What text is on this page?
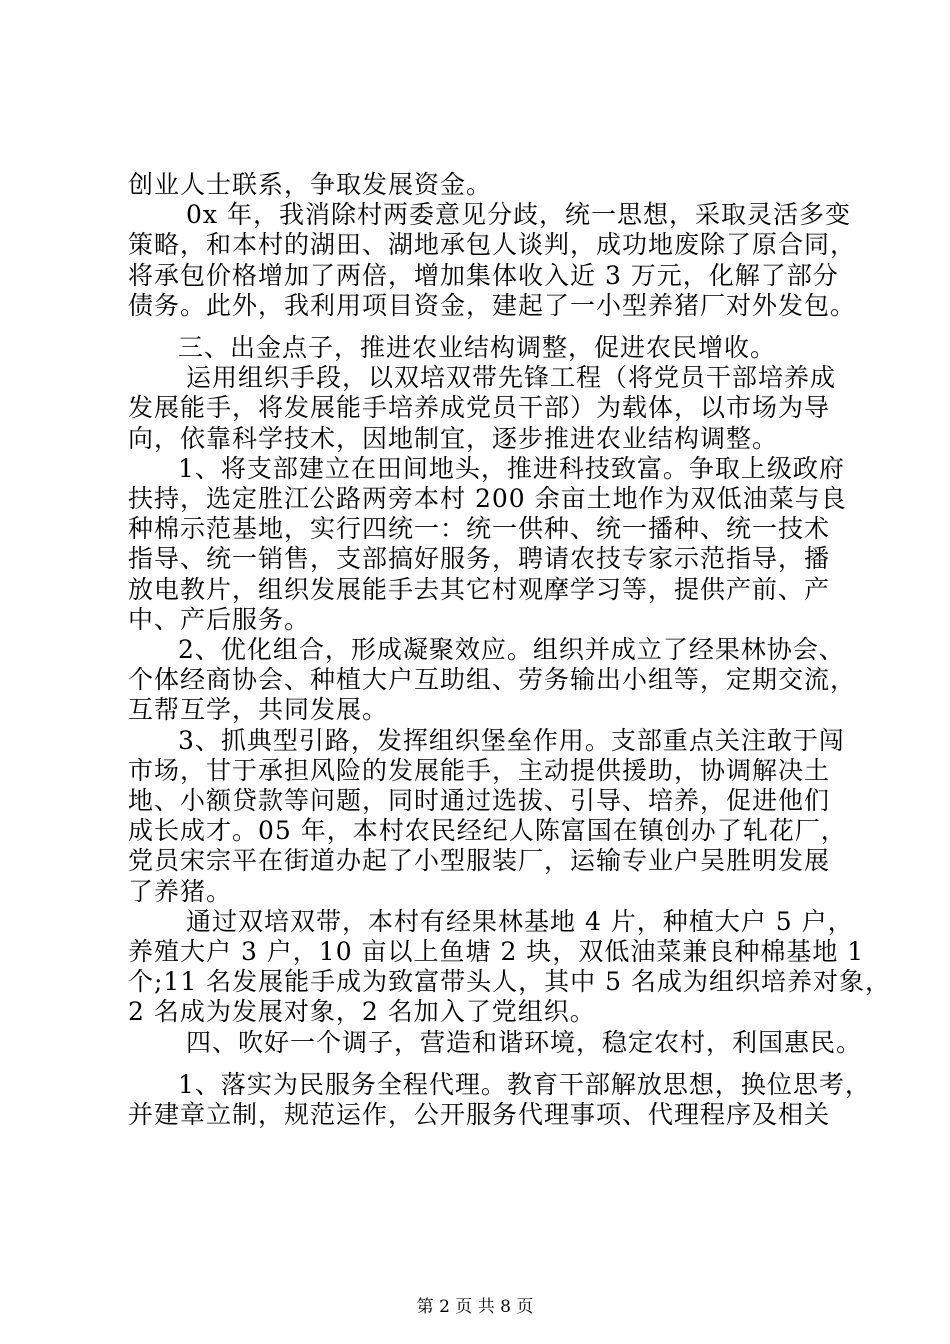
创业人士联系，争取发展资金。
0x 年，我消除村两委意见分歧，统一思想，采取灵活多变
策略，和本村的湖田、湖地承包人谈判，成功地废除了原合同，
将承包价格增加了两倍，增加集体收入近 3 万元，化解了部分
债务。此外，我利用项目资金，建起了一小型养猪厂对外发包。
三、出金点子，推进农业结构调整，促进农民增收。
运用组织手段，以双培双带先锋工程（将党员干部培养成
发展能手，将发展能手培养成党员干部）为载体，以市场为导
向，依靠科学技术，因地制宜，逐步推进农业结构调整。
1、将支部建立在田间地头，推进科技致富。争取上级政府
扶持，选定胜江公路两旁本村 200 余亩土地作为双低油菜与良
种棉示范基地，实行四统一：统一供种、统一播种、统一技术
指导、统一销售，支部搞好服务，聘请农技专家示范指导，播
放电教片，组织发展能手去其它村观摩学习等，提供产前、产
中、产后服务。
2、优化组合，形成凝聚效应。组织并成立了经果林协会、
个体经商协会、种植大户互助组、劳务输出小组等，定期交流，
互帮互学，共同发展。
3、抓典型引路，发挥组织堡垒作用。支部重点关注敢于闯
市场，甘于承担风险的发展能手，主动提供援助，协调解决土
地、小额贷款等问题，同时通过选拔、引导、培养，促进他们
成长成才。05 年，本村农民经纪人陈富国在镇创办了轧花厂，
党员宋宗平在街道办起了小型服装厂，运输专业户吴胜明发展
了养猪。
通过双培双带，本村有经果林基地 4 片，种植大户 5 户，
养殖大户 3 户，10 亩以上鱼塘 2 块，双低油菜兼良种棉基地 1
个;11 名发展能手成为致富带头人，其中 5 名成为组织培养对象，
2 名成为发展对象，2 名加入了党组织。
四、吹好一个调子，营造和谐环境，稳定农村，利国惠民。
1、落实为民服务全程代理。教育干部解放思想，换位思考，
并建章立制，规范运作，公开服务代理事项、代理程序及相关
第 2 页 共 8 页
